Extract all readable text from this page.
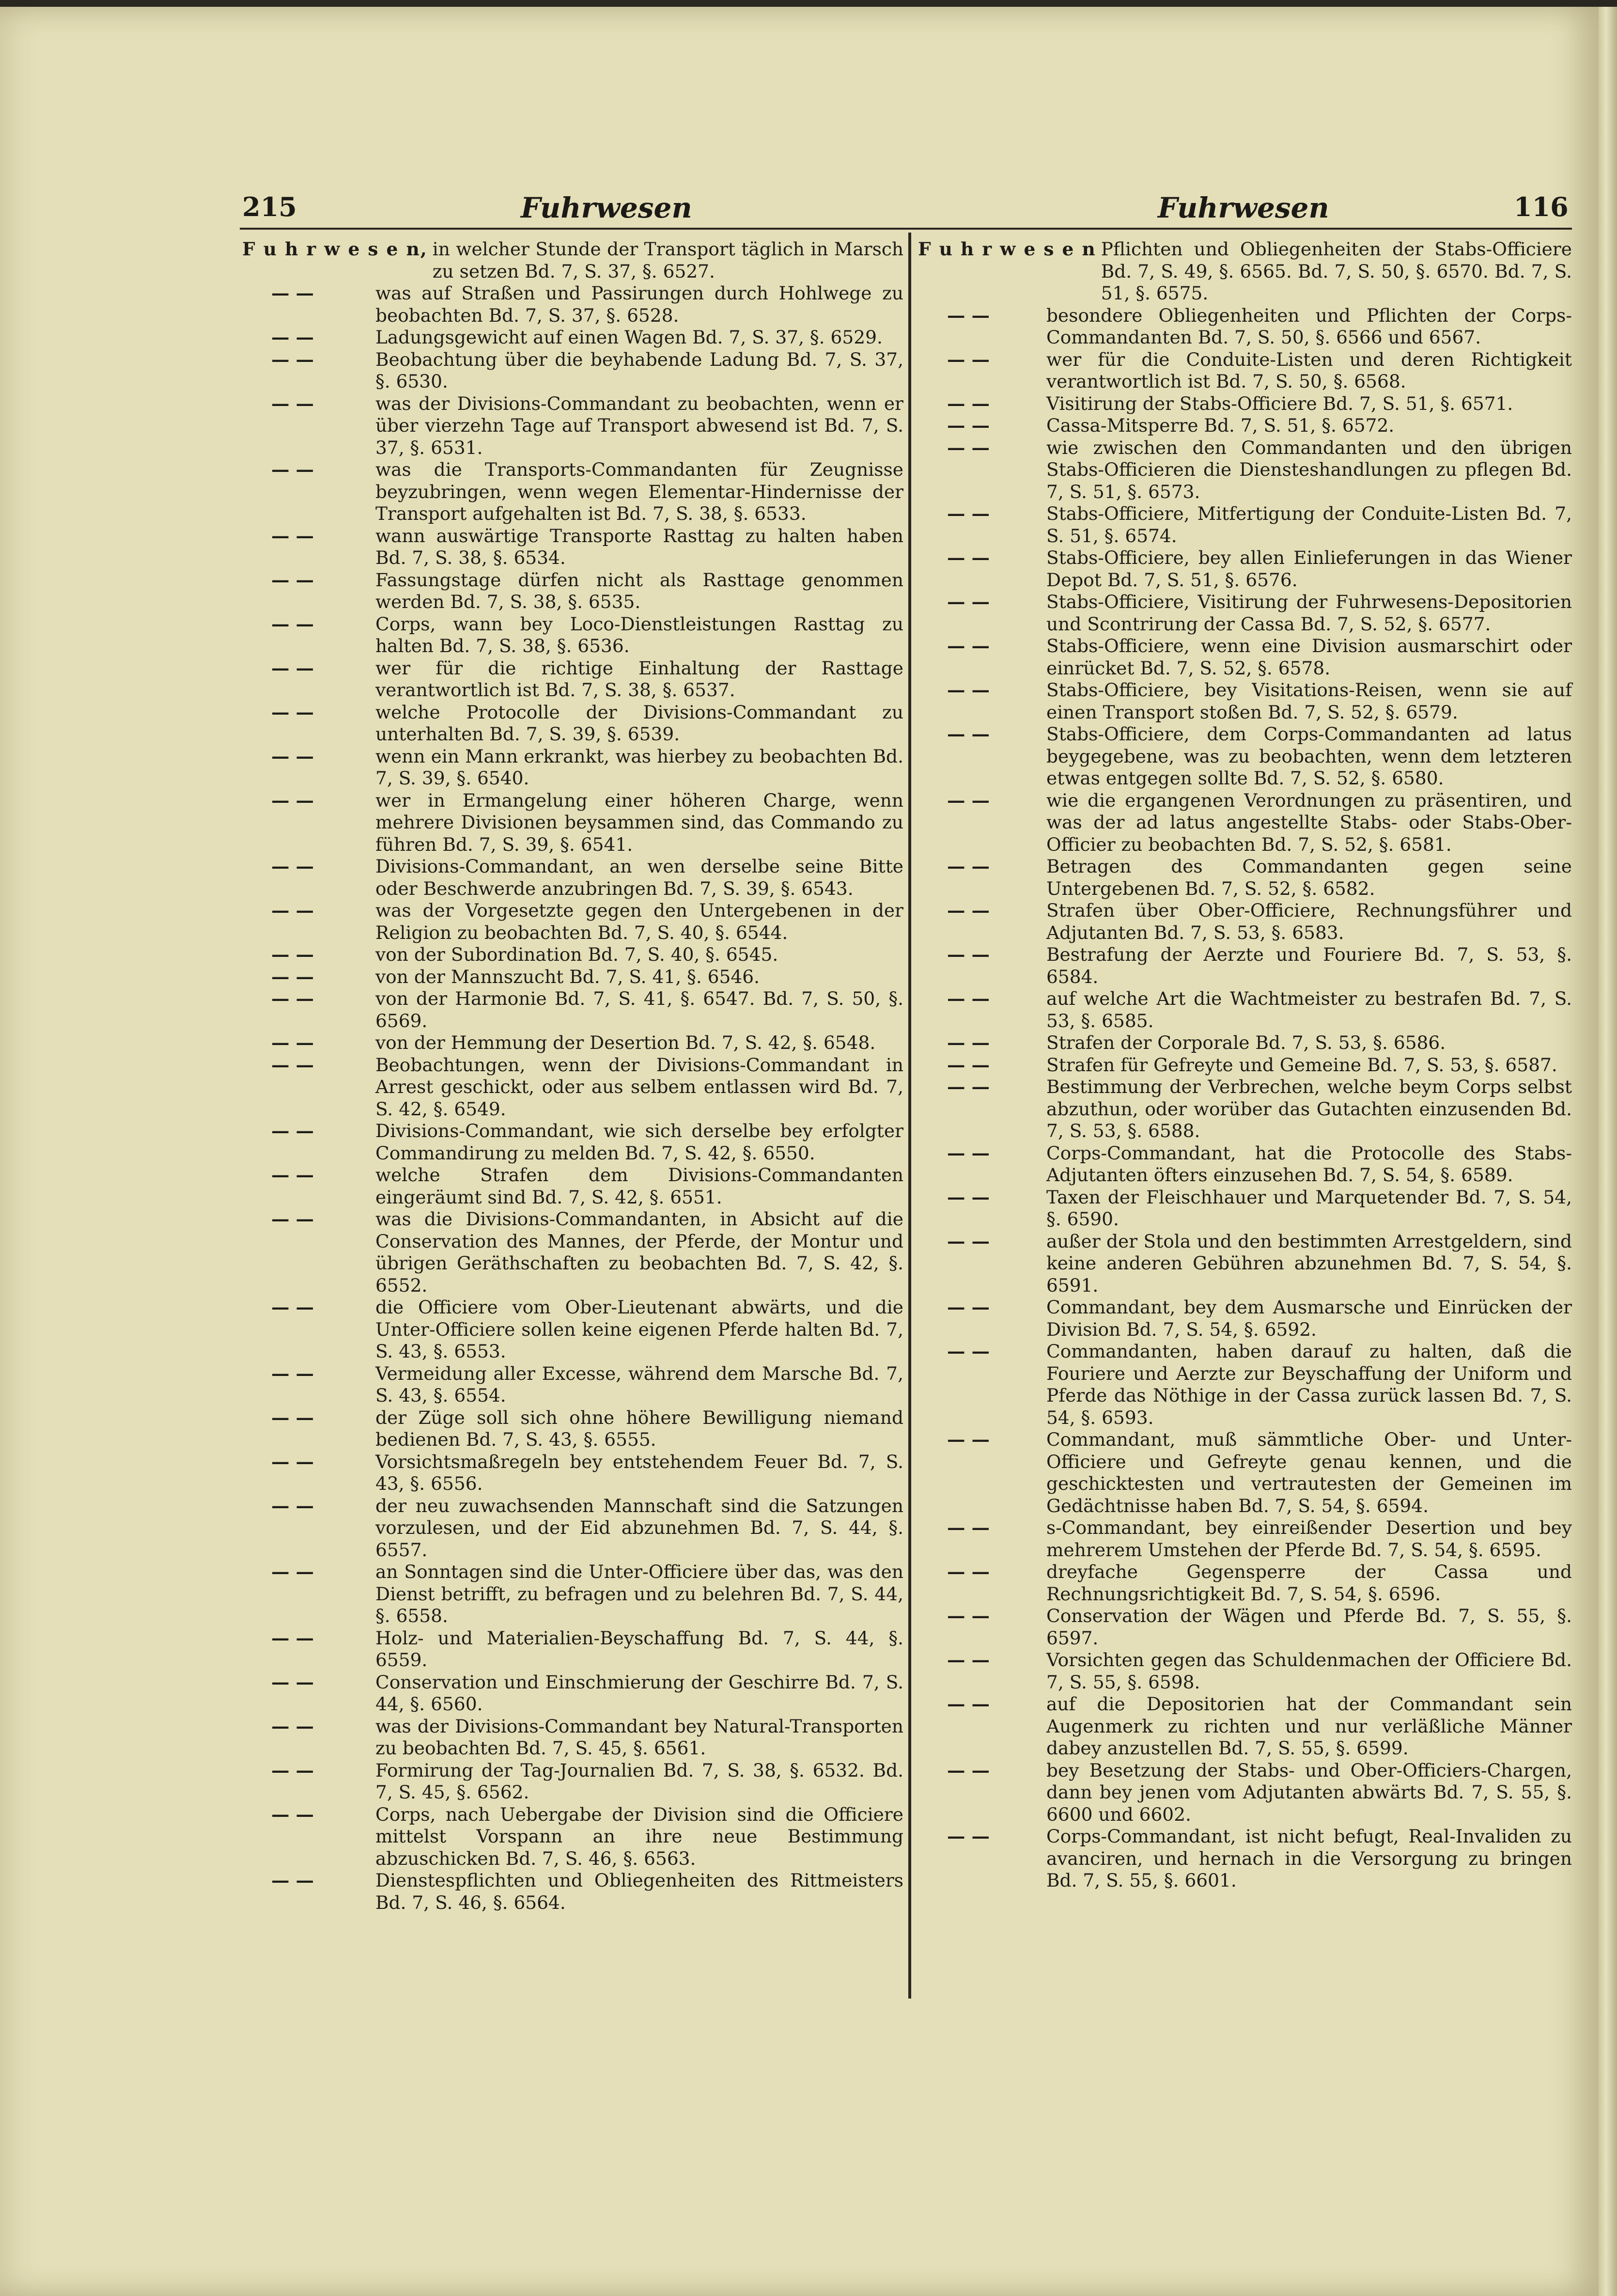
215	Fuhrwesen	Fuhrwesen	116
F u h r w e s e n, in welcher Stunde der Transport täglich in Marsch zu setzen Bd. 7, S. 37, §. 6527.
— —	was auf Straßen und Passirungen durch Hohlwege zu beobachten Bd. 7, S. 37, §. 6528.
— —	Ladungsgewicht auf einen Wagen Bd. 7, S. 37, §. 6529.
— —	Beobachtung über die beyhabende Ladung Bd. 7, S. 37, §. 6530.
— —	was der Divisions-Commandant zu beobachten, wenn er über vierzehn Tage auf Transport abwesend ist Bd. 7, S. 37, §. 6531.
— —	was die Transports-Commandanten für Zeugnisse beyzubringen, wenn wegen Elementar-Hindernisse der Transport aufgehalten ist Bd. 7, S. 38, §. 6533.
— —	wann auswärtige Transporte Rasttag zu halten haben Bd. 7, S. 38, §. 6534.
— —	Fassungstage dürfen nicht als Rasttage genommen werden Bd. 7, S. 38, §. 6535.
— —	Corps, wann bey Loco-Dienstleistungen Rasttag zu halten Bd. 7, S. 38, §. 6536.
— —	wer für die richtige Einhaltung der Rasttage verantwortlich ist Bd. 7, S. 38, §. 6537.
— —	welche Protocolle der Divisions-Commandant zu unterhalten Bd. 7, S. 39, §. 6539.
— —	wenn ein Mann erkrankt, was hierbey zu beobachten Bd. 7, S. 39, §. 6540.
— —	wer in Ermangelung einer höheren Charge, wenn mehrere Divisionen beysammen sind, das Commando zu führen Bd. 7, S. 39, §. 6541.
— —	Divisions-Commandant, an wen derselbe seine Bitte oder Beschwerde anzubringen Bd. 7, S. 39, §. 6543.
— —	was der Vorgesetzte gegen den Untergebenen in der Religion zu beobachten Bd. 7, S. 40, §. 6544.
— —	von der Subordination Bd. 7, S. 40, §. 6545.
— —	von der Mannszucht Bd. 7, S. 41, §. 6546.
— —	von der Harmonie Bd. 7, S. 41, §. 6547. Bd. 7, S. 50, §. 6569.
— —	von der Hemmung der Desertion Bd. 7, S. 42, §. 6548.
— —	Beobachtungen, wenn der Divisions-Commandant in Arrest geschickt, oder aus selbem entlassen wird Bd. 7, S. 42, §. 6549.
— —	Divisions-Commandant, wie sich derselbe bey erfolgter Commandirung zu melden Bd. 7, S. 42, §. 6550.
— —	welche Strafen dem Divisions-Commandanten eingeräumt sind Bd. 7, S. 42, §. 6551.
— —	was die Divisions-Commandanten, in Absicht auf die Conservation des Mannes, der Pferde, der Montur und übrigen Geräthschaften zu beobachten Bd. 7, S. 42, §. 6552.
— —	die Officiere vom Ober-Lieutenant abwärts, und die Unter-Officiere sollen keine eigenen Pferde halten Bd. 7, S. 43, §. 6553.
— —	Vermeidung aller Excesse, während dem Marsche Bd. 7, S. 43, §. 6554.
— —	der Züge soll sich ohne höhere Bewilligung niemand bedienen Bd. 7, S. 43, §. 6555.
— —	Vorsichtsmaßregeln bey entstehendem Feuer Bd. 7, S. 43, §. 6556.
— —	der neu zuwachsenden Mannschaft sind die Satzungen vorzulesen, und der Eid abzunehmen Bd. 7, S. 44, §. 6557.
— —	an Sonntagen sind die Unter-Officiere über das, was den Dienst betrifft, zu befragen und zu belehren Bd. 7, S. 44, §. 6558.
— —	Holz- und Materialien-Beyschaffung Bd. 7, S. 44, §. 6559.
— —	Conservation und Einschmierung der Geschirre Bd. 7, S. 44, §. 6560.
— —	was der Divisions-Commandant bey Natural-Transporten zu beobachten Bd. 7, S. 45, §. 6561.
— —	Formirung der Tag-Journalien Bd. 7, S. 38, §. 6532. Bd. 7, S. 45, §. 6562.
— —	Corps, nach Uebergabe der Division sind die Officiere mittelst Vorspann an ihre neue Bestimmung abzuschicken Bd. 7, S. 46, §. 6563.
— —	Dienstespflichten und Obliegenheiten des Rittmeisters Bd. 7, S. 46, §. 6564.
F u h r w e s e n Pflichten und Obliegenheiten der Stabs-Officiere Bd. 7, S. 49, §. 6565. Bd. 7, S. 50, §. 6570. Bd. 7, S. 51, §. 6575.
— —	besondere Obliegenheiten und Pflichten der Corps-Commandanten Bd. 7, S. 50, §. 6566 und 6567.
— —	wer für die Conduite-Listen und deren Richtigkeit verantwortlich ist Bd. 7, S. 50, §. 6568.
— —	Visitirung der Stabs-Officiere Bd. 7, S. 51, §. 6571.
— —	Cassa-Mitsperre Bd. 7, S. 51, §. 6572.
— —	wie zwischen den Commandanten und den übrigen Stabs-Officieren die Diensteshandlungen zu pflegen Bd. 7, S. 51, §. 6573.
— —	Stabs-Officiere, Mitfertigung der Conduite-Listen Bd. 7, S. 51, §. 6574.
— —	Stabs-Officiere, bey allen Einlieferungen in das Wiener Depot Bd. 7, S. 51, §. 6576.
— —	Stabs-Officiere, Visitirung der Fuhrwesens-Depositorien und Scontrirung der Cassa Bd. 7, S. 52, §. 6577.
— —	Stabs-Officiere, wenn eine Division ausmarschirt oder einrücket Bd. 7, S. 52, §. 6578.
— —	Stabs-Officiere, bey Visitations-Reisen, wenn sie auf einen Transport stoßen Bd. 7, S. 52, §. 6579.
— —	Stabs-Officiere, dem Corps-Commandanten ad latus beygegebene, was zu beobachten, wenn dem letzteren etwas entgegen sollte Bd. 7, S. 52, §. 6580.
— —	wie die ergangenen Verordnungen zu präsentiren, und was der ad latus angestellte Stabs- oder Stabs-Ober-Officier zu beobachten Bd. 7, S. 52, §. 6581.
— —	Betragen des Commandanten gegen seine Untergebenen Bd. 7, S. 52, §. 6582.
— —	Strafen über Ober-Officiere, Rechnungsführer und Adjutanten Bd. 7, S. 53, §. 6583.
— —	Bestrafung der Aerzte und Fouriere Bd. 7, S. 53, §. 6584.
— —	auf welche Art die Wachtmeister zu bestrafen Bd. 7, S. 53, §. 6585.
— —	Strafen der Corporale Bd. 7, S. 53, §. 6586.
— —	Strafen für Gefreyte und Gemeine Bd. 7, S. 53, §. 6587.
— —	Bestimmung der Verbrechen, welche beym Corps selbst abzuthun, oder worüber das Gutachten einzusenden Bd. 7, S. 53, §. 6588.
— —	Corps-Commandant, hat die Protocolle des Stabs-Adjutanten öfters einzusehen Bd. 7, S. 54, §. 6589.
— —	Taxen der Fleischhauer und Marquetender Bd. 7, S. 54, §. 6590.
— —	außer der Stola und den bestimmten Arrestgeldern, sind keine anderen Gebühren abzunehmen Bd. 7, S. 54, §. 6591.
— —	Commandant, bey dem Ausmarsche und Einrücken der Division Bd. 7, S. 54, §. 6592.
— —	Commandanten, haben darauf zu halten, daß die Fouriere und Aerzte zur Beyschaffung der Uniform und Pferde das Nöthige in der Cassa zurück lassen Bd. 7, S. 54, §. 6593.
— —	Commandant, muß sämmtliche Ober- und Unter-Officiere und Gefreyte genau kennen, und die geschicktesten und vertrautesten der Gemeinen im Gedächtnisse haben Bd. 7, S. 54, §. 6594.
— —	s-Commandant, bey einreißender Desertion und bey mehrerem Umstehen der Pferde Bd. 7, S. 54, §. 6595.
— —	dreyfache Gegensperre der Cassa und Rechnungsrichtigkeit Bd. 7, S. 54, §. 6596.
— —	Conservation der Wägen und Pferde Bd. 7, S. 55, §. 6597.
— —	Vorsichten gegen das Schuldenmachen der Officiere Bd. 7, S. 55, §. 6598.
— —	auf die Depositorien hat der Commandant sein Augenmerk zu richten und nur verläßliche Männer dabey anzustellen Bd. 7, S. 55, §. 6599.
— —	bey Besetzung der Stabs- und Ober-Officiers-Chargen, dann bey jenen vom Adjutanten abwärts Bd. 7, S. 55, §. 6600 und 6602.
— —	Corps-Commandant, ist nicht befugt, Real-Invaliden zu avanciren, und hernach in die Versorgung zu bringen Bd. 7, S. 55, §. 6601.
